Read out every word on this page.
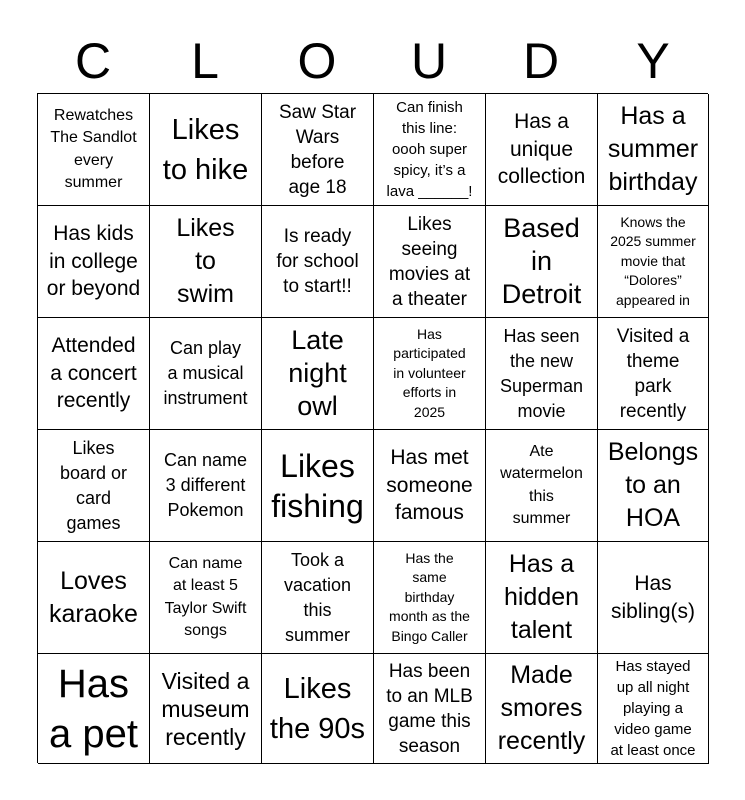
C	L	O	U	D	Y
Rewatches
The Sandlot
every
summer
Likes
to hike
Saw Star
Wars
before
age 18
Can finish
this line:
oooh super
spicy, it’s a
lava ______!
Has a
unique
collection
Has a
summer
birthday
Has kids
in college
or beyond
Likes
to
swim
Is ready
for school
to start!!
Likes
seeing
movies at
a theater
Based
in
Detroit
Knows the
2025 summer
movie that
“Dolores”
appeared in
Attended
a concert
recently
Can play
a musical
instrument
Late
night
owl
Has
participated
in volunteer
efforts in
2025
Has seen
the new
Superman
movie
Visited a
theme
park
recently
Likes
board or
card
games
Can name
3 different
Pokemon
Likes
fishing
Has met
someone
famous
Ate
watermelon
this
summer
Belongs
to an
HOA
Loves
karaoke
Can name
at least 5
Taylor Swift
songs
Took a
vacation
this
summer
Has the
same
birthday
month as the
Bingo Caller
Has a
hidden
talent
Has
sibling(s)
Has
a pet
Visited a
museum
recently
Likes
the 90s
Has been
to an MLB
game this
season
Made
smores
recently
Has stayed
up all night
playing a
video game
at least once
